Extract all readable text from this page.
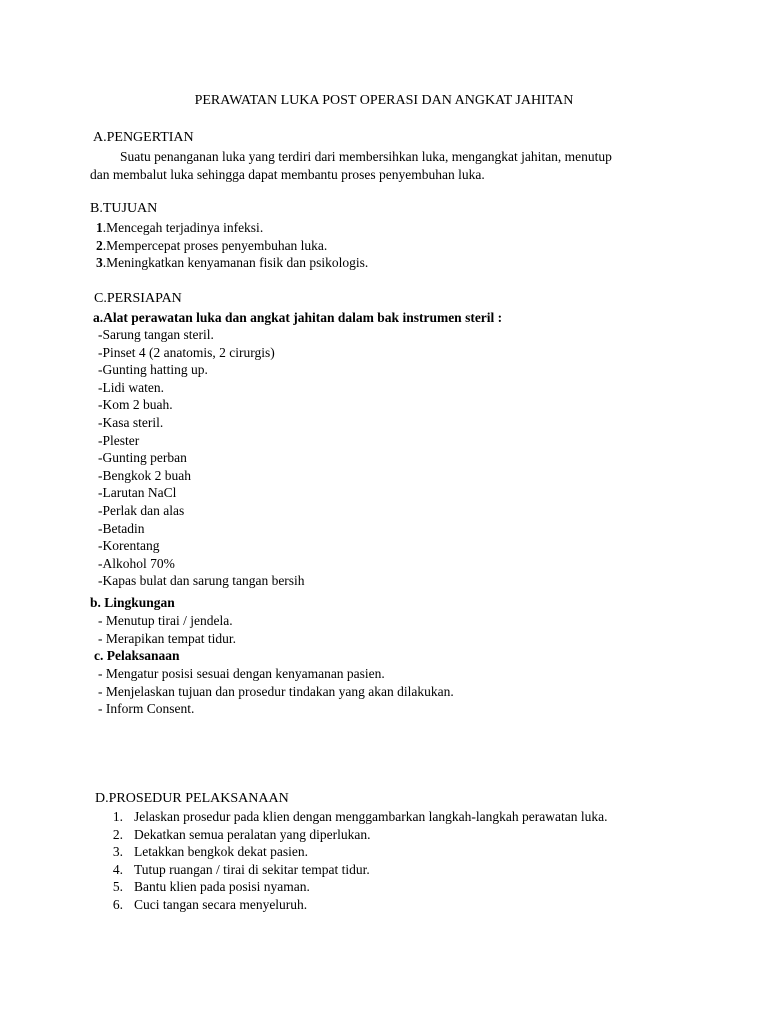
PERAWATAN LUKA POST OPERASI DAN ANGKAT JAHITAN
A.PENGERTIAN
Suatu penanganan luka yang terdiri dari membersihkan luka, mengangkat jahitan, menutup
dan membalut luka sehingga dapat membantu proses penyembuhan luka.
B.TUJUAN
1.Mencegah terjadinya infeksi.
2.Mempercepat proses penyembuhan luka.
3.Meningkatkan kenyamanan fisik dan psikologis.
C.PERSIAPAN
a.Alat perawatan luka dan angkat jahitan dalam bak instrumen steril :
-Sarung tangan steril.
-Pinset 4 (2 anatomis, 2 cirurgis)
-Gunting hatting up.
-Lidi waten.
-Kom 2 buah.
-Kasa steril.
-Plester
-Gunting perban
-Bengkok 2 buah
-Larutan NaCl
-Perlak dan alas
-Betadin
-Korentang
-Alkohol 70%
-Kapas bulat dan sarung tangan bersih
b. Lingkungan
- Menutup tirai / jendela.
- Merapikan tempat tidur.
c. Pelaksanaan
- Mengatur posisi sesuai dengan kenyamanan pasien.
- Menjelaskan tujuan dan prosedur tindakan yang akan dilakukan.
- Inform Consent.
D.PROSEDUR PELAKSANAAN
1. Jelaskan prosedur pada klien dengan menggambarkan langkah-langkah perawatan luka.
2. Dekatkan semua peralatan yang diperlukan.
3. Letakkan bengkok dekat pasien.
4. Tutup ruangan / tirai di sekitar tempat tidur.
5. Bantu klien pada posisi nyaman.
6. Cuci tangan secara menyeluruh.
